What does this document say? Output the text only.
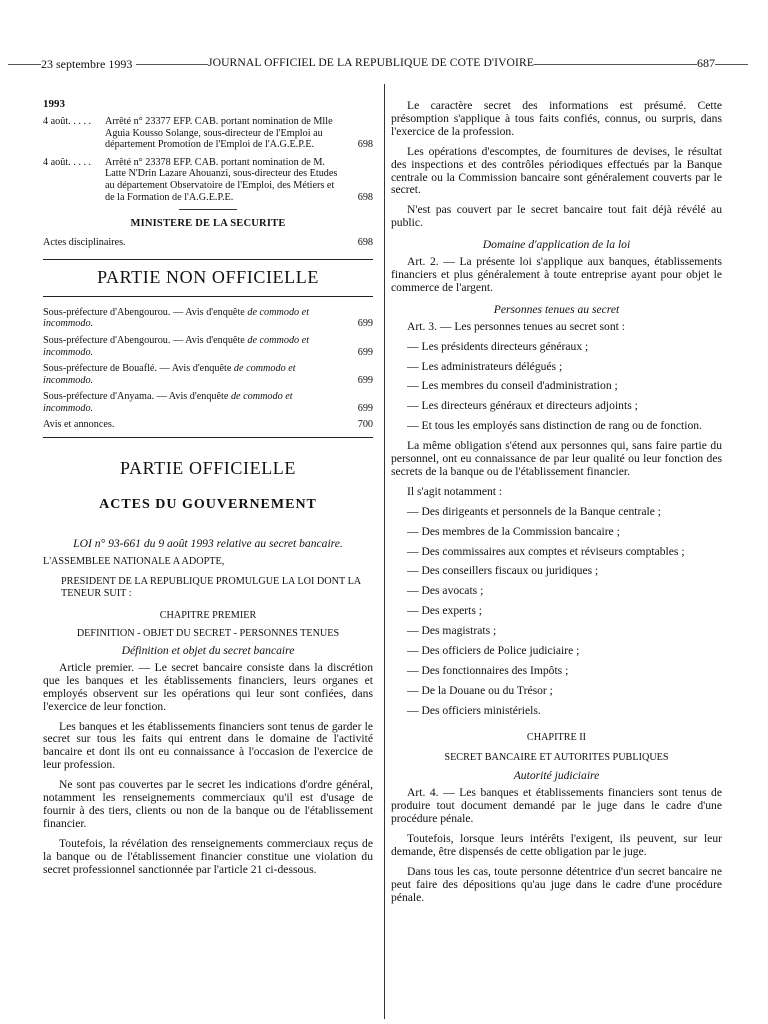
23 septembre 1993	JOURNAL OFFICIEL DE LA REPUBLIQUE DE COTE D'IVOIRE	687
1993
4 août. . . . . Arrêté n° 23377 EFP. CAB. portant nomination de Mlle Aguia Kousso Solange, sous-directeur de l'Emploi au département Promotion de l'Emploi de l'A.G.E.P.E.	698
4 août. . . . . Arrêté n° 23378 EFP. CAB. portant nomination de M. Latte N'Drin Lazare Ahouanzi, sous-directeur des Etudes au département Observatoire de l'Emploi, des Métiers et de la Formation de l'A.G.E.P.E.	698
MINISTERE DE LA SECURITE
Actes disciplinaires.	698
PARTIE NON OFFICIELLE
Sous-préfecture d'Abengourou. — Avis d'enquête de commodo et incommodo.	699
Sous-préfecture d'Abengourou. — Avis d'enquête de commodo et incommodo.	699
Sous-préfecture de Bouaflé. — Avis d'enquête de commodo et incommodo.	699
Sous-préfecture d'Anyama. — Avis d'enquête de commodo et incommodo.	699
Avis et annonces.	700
PARTIE OFFICIELLE
ACTES DU GOUVERNEMENT
LOI n° 93-661 du 9 août 1993 relative au secret bancaire.
L'ASSEMBLEE NATIONALE A ADOPTE,
PRESIDENT DE LA REPUBLIQUE PROMULGUE LA LOI DONT LA TENEUR SUIT :
CHAPITRE PREMIER
DEFINITION - OBJET DU SECRET - PERSONNES TENUES
Définition et objet du secret bancaire

Article premier. — Le secret bancaire consiste dans la discrétion que les banques et les établissements financiers, leurs organes et employés observent sur les opérations qui leur sont confiées, dans l'exercice de leur fonction.

Les banques et les établissements financiers sont tenus de garder le secret sur tous les faits qui entrent dans le domaine de l'activité bancaire et dont ils ont eu connaissance à l'occasion de l'exercice de leur profession.

Ne sont pas couvertes par le secret les indications d'ordre général, notamment les renseignements commerciaux qu'il est d'usage de fournir à des tiers, clients ou non de la banque ou de l'établissement financier.

Toutefois, la révélation des renseignements commerciaux reçus de la banque ou de l'établissement financier constitue une violation du secret professionnel sanctionnée par l'article 21 ci-dessous.

Le caractère secret des informations est présumé. Cette présomption s'applique à tous faits confiés, connus, ou surpris, dans l'exercice de la profession.

Les opérations d'escomptes, de fournitures de devises, le résultat des inspections et des contrôles périodiques effectués par la Banque centrale ou la Commission bancaire sont généralement couverts par le secret.

N'est pas couvert par le secret bancaire tout fait déjà révélé au public.

Domaine d'application de la loi

Art. 2. — La présente loi s'applique aux banques, établissements financiers et plus généralement à toute entreprise ayant pour objet le commerce de l'argent.

Personnes tenues au secret

Art. 3. — Les personnes tenues au secret sont :

— Les présidents directeurs généraux ;

— Les administrateurs délégués ;

— Les membres du conseil d'administration ;

— Les directeurs généraux et directeurs adjoints ;

— Et tous les employés sans distinction de rang ou de fonction.

La même obligation s'étend aux personnes qui, sans faire partie du personnel, ont eu connaissance de par leur qualité ou leur fonction des secrets de la banque ou de l'établissement financier.

Il s'agit notamment :

— Des dirigeants et personnels de la Banque centrale ;

— Des membres de la Commission bancaire ;

— Des commissaires aux comptes et réviseurs comptables ;

— Des conseillers fiscaux ou juridiques ;

— Des avocats ;

— Des experts ;

— Des magistrats ;

— Des officiers de Police judiciaire ;

— Des fonctionnaires des Impôts ;

— De la Douane ou du Trésor ;

— Des officiers ministériels.

CHAPITRE II
SECRET BANCAIRE ET AUTORITES PUBLIQUES
Autorité judiciaire

Art. 4. — Les banques et établissements financiers sont tenus de produire tout document demandé par le juge dans le cadre d'une procédure pénale.

Toutefois, lorsque leurs intérêts l'exigent, ils peuvent, sur leur demande, être dispensés de cette obligation par le juge.

Dans tous les cas, toute personne détentrice d'un secret bancaire ne peut faire des dépositions qu'au juge dans le cadre d'une procédure pénale.
